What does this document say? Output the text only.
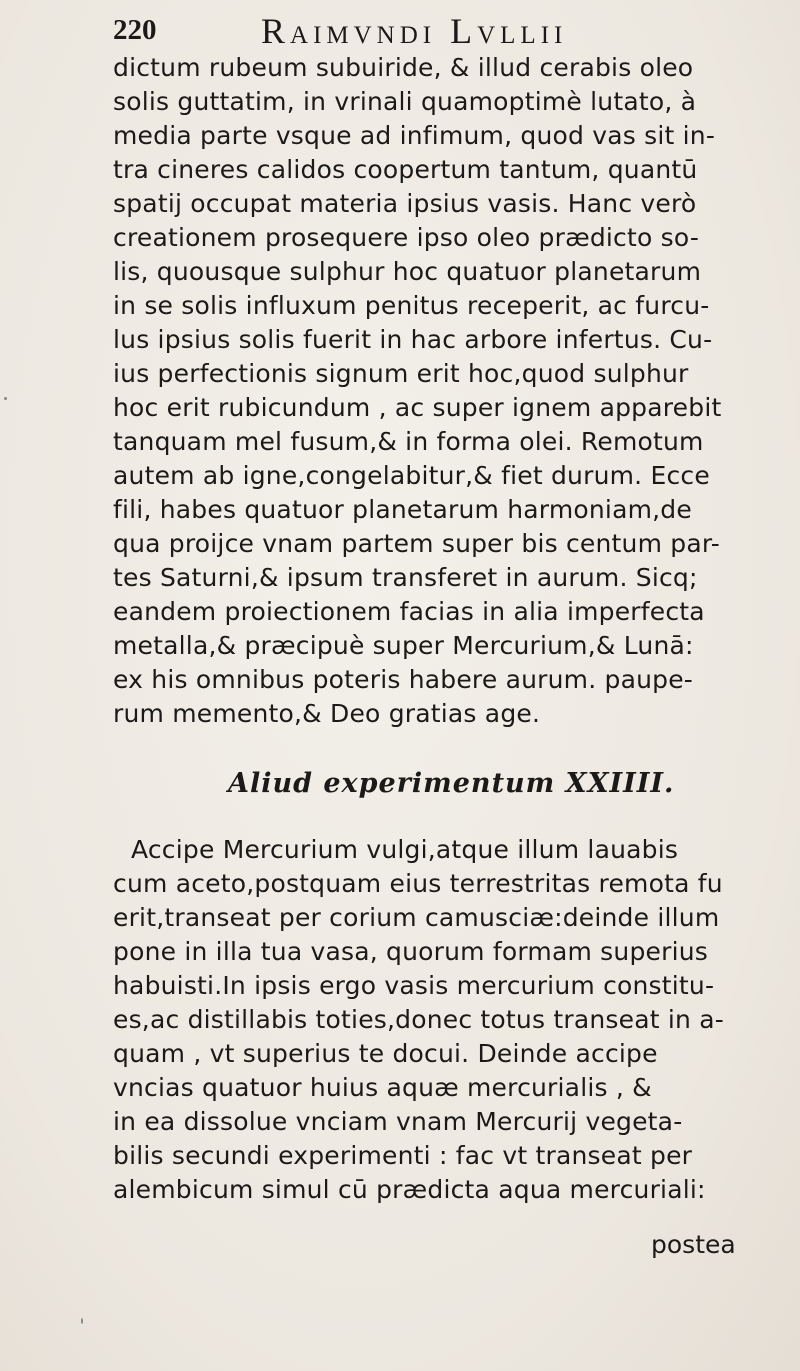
220	Raimvndi Lvllii
dictum rubeum subuiride, & illud cerabis oleo
solis guttatim, in vrinali quamoptimè lutato, à
media parte vsque ad infimum, quod vas sit in-
tra cineres calidos coopertum tantum, quantū
spatij occupat materia ipsius vasis. Hanc verò
creationem prosequere ipso oleo prædicto so-
lis, quousque sulphur hoc quatuor planetarum
in se solis influxum penitus receperit, ac furcu-
lus ipsius solis fuerit in hac arbore infertus. Cu-
ius perfectionis signum erit hoc,quod sulphur
hoc erit rubicundum , ac super ignem apparebit
tanquam mel fusum,& in forma olei. Remotum
autem ab igne,congelabitur,& fiet durum. Ecce
fili, habes quatuor planetarum harmoniam,de
qua proijce vnam partem super bis centum par-
tes Saturni,& ipsum transferet in aurum. Sicq;
eandem proiectionem facias in alia imperfecta
metalla,& præcipuè super Mercurium,& Lunā:
ex his omnibus poteris habere aurum. paupe-
rum memento,& Deo gratias age.
Aliud experimentum XXIIII.
Accipe Mercurium vulgi,atque illum lauabis
cum aceto,postquam eius terrestritas remota fu
erit,transeat per corium camusciæ:deinde illum
pone in illa tua vasa, quorum formam superius
habuisti.In ipsis ergo vasis mercurium constitu-
es,ac distillabis toties,donec totus transeat in a-
quam , vt superius te docui. Deinde accipe
vncias quatuor huius aquæ mercurialis , &
in ea dissolue vnciam vnam Mercurij vegeta-
bilis secundi experimenti : fac vt transeat per
alembicum simul cū prædicta aqua mercuriali:
postea
